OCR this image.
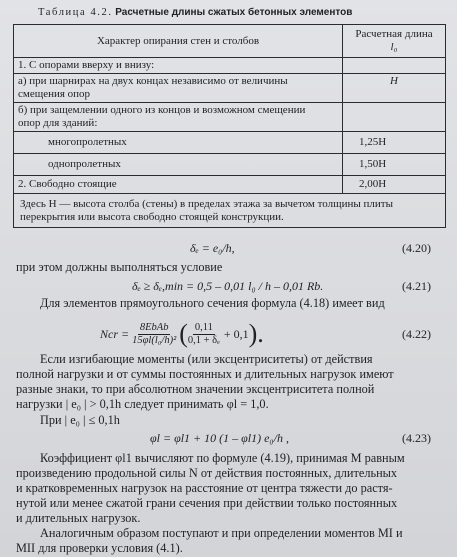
Таблица 4.2. Расчетные длины сжатых бетонных элементов
Характер опирания стен и столбов	Расчетная длина
l₀

1. С опорами вверху и внизу:	

а) при шарнирах на двух концах независимо от величины
смещения опор	H

б) при защемлении одного из концов и возможном смещении
опор для зданий:	

многопролетных	1,25H
однопролетных	1,50H
2. Свободно стоящие	2,00H

Здесь H — высота столба (стены) в пределах этажа за вычетом толщины плиты
перекрытия или высота свободно стоящей конструкции.	
δₑ = e₀/h,	(4.20)
при этом должны выполняться условие
δₑ ≥ δₑ,min = 0,5 – 0,01 l₀ / h – 0,01 Rb.	(4.21)
Для элементов прямоугольного сечения формула (4.18) имеет вид
Ncr =
8EbAb
15φl(l₀/h)² ( $\frac{0,11}{\text{0,1 + δₑ}} + 0,1$ ).	(4.22)
Если изгибающие моменты (или эксцентриситеты) от действия
полной нагрузки и от суммы постоянных и длительных нагрузок имеют
разные знаки, то при абсолютном значении эксцентриситета полной
нагрузки | e₀ | > 0,1h следует принимать φl = 1,0.
При | e₀ | ≤ 0,1h
φl = φl1 + 10 (1 – φl1) e₀/h ,	(4.23)
Коэффициент φl1 вычисляют по формуле (4.19), принимая M равным
произведению продольной силы N от действия постоянных, длительных
и кратковременных нагрузок на расстояние от центра тяжести до растя-
нутой или менее сжатой грани сечения при действии только постоянных
и длительных нагрузок.
Аналогичным образом поступают и при определении моментов MI и
MII для проверки условия (4.1).
